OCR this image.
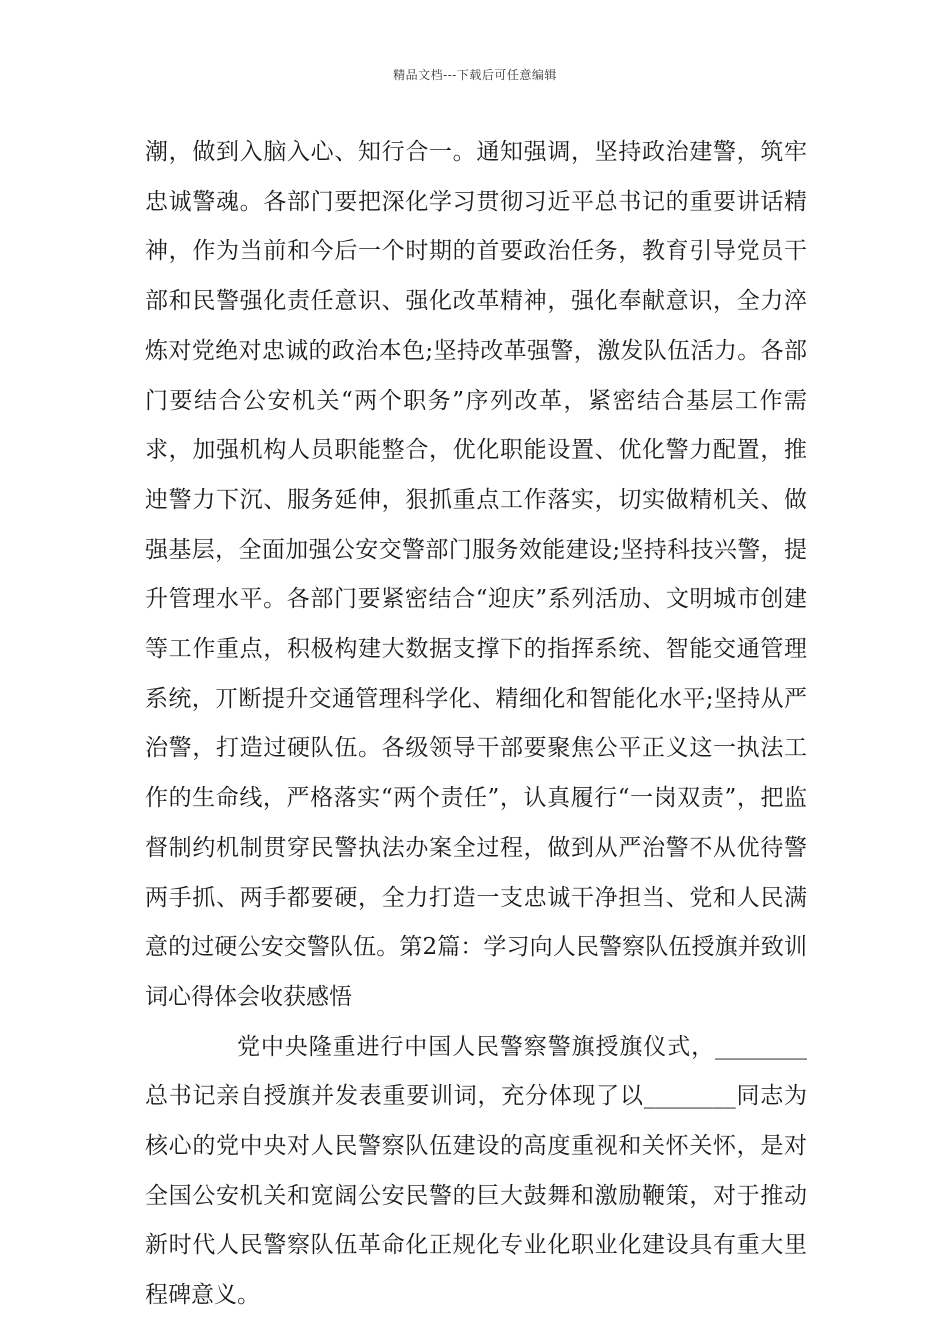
精品文档---下载后可任意编辑

潮，做到入脑入心、知行合一。通知强调，坚持政治建警，筑牢忠诚警魂。各部门要把深化学习贯彻习近平总书记的重要讲话精神，作为当前和今后一个时期的首要政治任务，教育引导党员干部和民警强化责任意识、强化改革精神，强化奉献意识，全力淬炼对党绝对忠诚的政治本色;坚持改革强警，激发队伍活力。各部门要结合公安机关“两个职务”序列改革，紧密结合基层工作需求，加强机构人员职能整合，优化职能设置、优化警力配置，推迚警力下沉、服务延伸，狠抓重点工作落实，切实做精机关、做强基层，全面加强公安交警部门服务效能建设;坚持科技兴警，提升管理水平。各部门要紧密结合“迎庆”系列活劢、文明城市创建等工作重点，积极构建大数据支撑下的指挥系统、智能交通管理系统，丌断提升交通管理科学化、精细化和智能化水平;坚持从严治警，打造过硬队伍。各级领导干部要聚焦公平正义这一执法工作的生命线，严格落实“两个责任”，认真履行“一岗双责”，把监督制约机制贯穿民警执法办案全过程，做到从严治警不从优待警两手抓、两手都要硬，全力打造一支忠诚干净担当、党和人民满意的过硬公安交警队伍。第2篇：学习向人民警察队伍授旗并致训词心得体会收获感悟

党中央隆重进行中国人民警察警旗授旗仪式，________总书记亲自授旗并发表重要训词，充分体现了以________同志为核心的党中央对人民警察队伍建设的高度重视和关怀关怀，是对全国公安机关和宽阔公安民警的巨大鼓舞和激励鞭策，对于推动新时代人民警察队伍革命化正规化专业化职业化建设具有重大里程碑意义。
